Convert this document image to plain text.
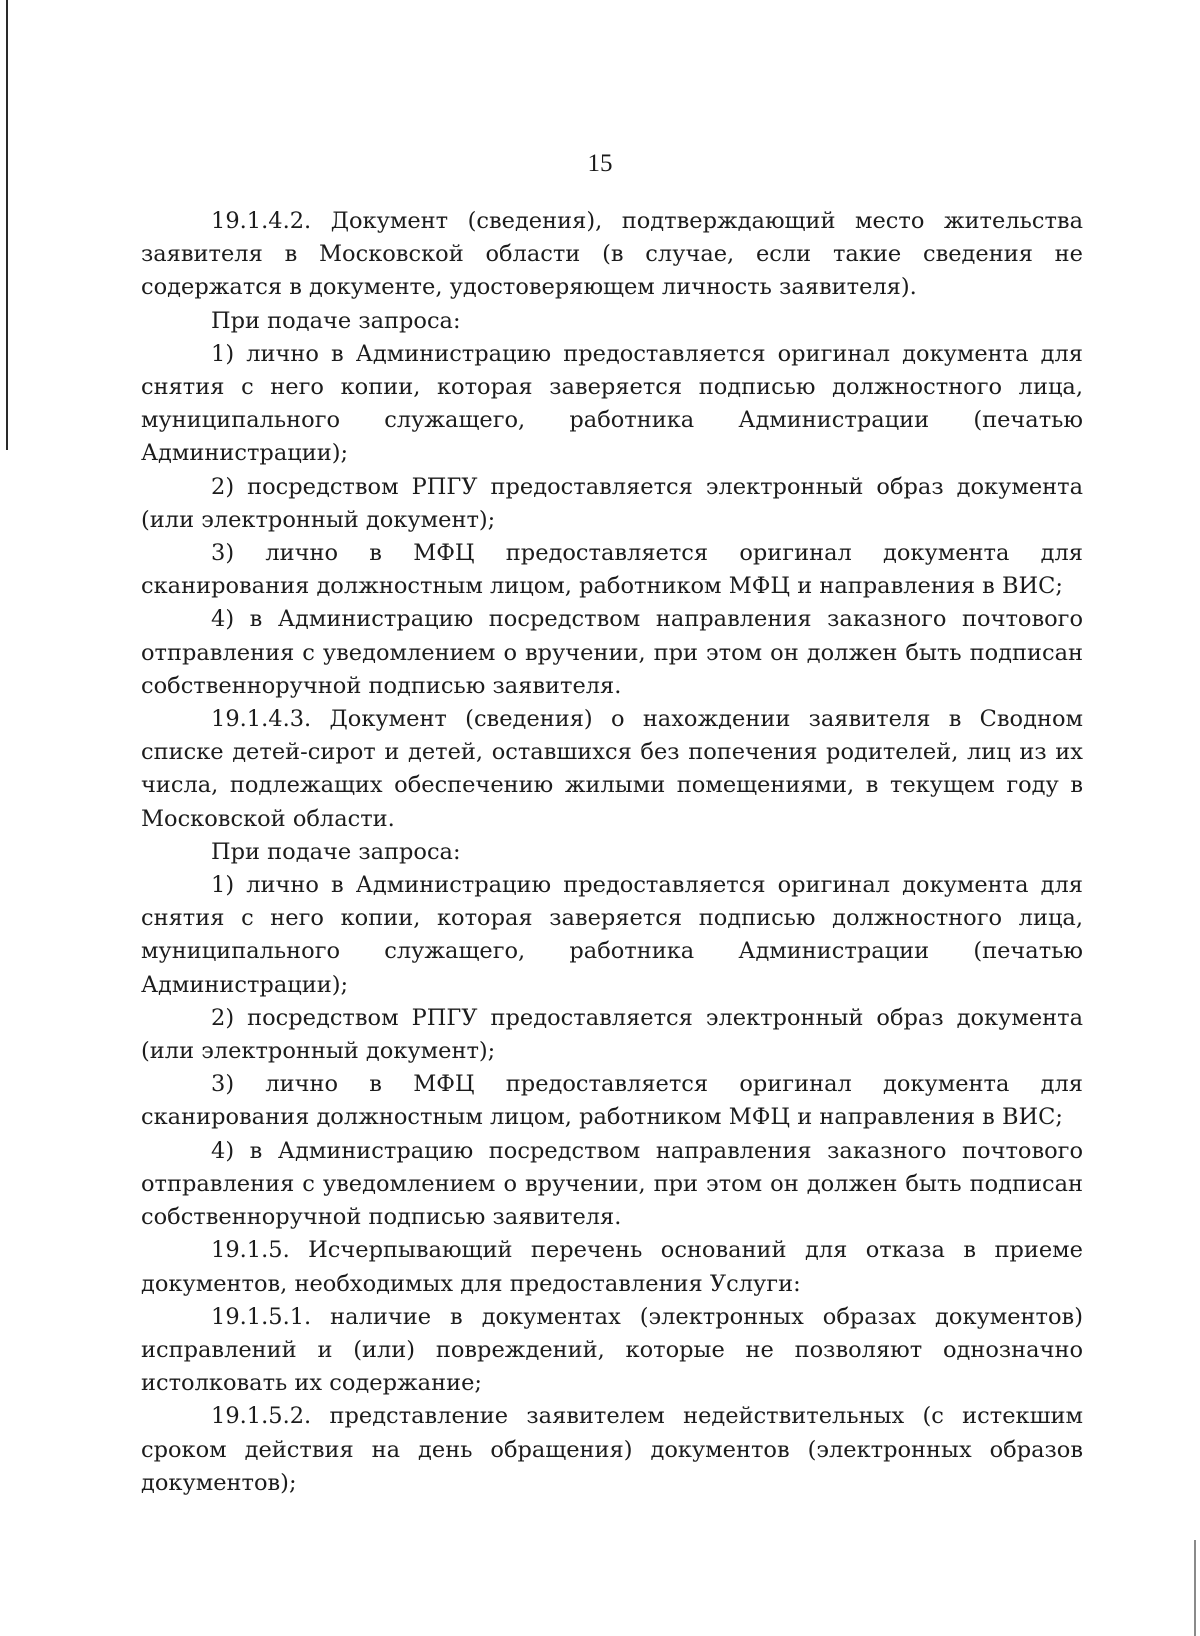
15

19.1.4.2. Документ (сведения), подтверждающий место жительства заявителя в Московской области (в случае, если такие сведения не содержатся в документе, удостоверяющем личность заявителя).

При подаче запроса:

1) лично в Администрацию предоставляется оригинал документа для снятия с него копии, которая заверяется подписью должностного лица, муниципального служащего, работника Администрации (печатью Администрации);

2) посредством РПГУ предоставляется электронный образ документа (или электронный документ);

3) лично в МФЦ предоставляется оригинал документа для сканирования должностным лицом, работником МФЦ и направления в ВИС;

4) в Администрацию посредством направления заказного почтового отправления с уведомлением о вручении, при этом он должен быть подписан собственноручной подписью заявителя.

19.1.4.3. Документ (сведения) о нахождении заявителя в Сводном списке детей-сирот и детей, оставшихся без попечения родителей, лиц из их числа, подлежащих обеспечению жилыми помещениями, в текущем году в Московской области.

При подаче запроса:

1) лично в Администрацию предоставляется оригинал документа для снятия с него копии, которая заверяется подписью должностного лица, муниципального служащего, работника Администрации (печатью Администрации);

2) посредством РПГУ предоставляется электронный образ документа (или электронный документ);

3) лично в МФЦ предоставляется оригинал документа для сканирования должностным лицом, работником МФЦ и направления в ВИС;

4) в Администрацию посредством направления заказного почтового отправления с уведомлением о вручении, при этом он должен быть подписан собственноручной подписью заявителя.

19.1.5. Исчерпывающий перечень оснований для отказа в приеме документов, необходимых для предоставления Услуги:

19.1.5.1. наличие в документах (электронных образах документов) исправлений и (или) повреждений, которые не позволяют однозначно истолковать их содержание;

19.1.5.2. представление заявителем недействительных (с истекшим сроком действия на день обращения) документов (электронных образов документов);
